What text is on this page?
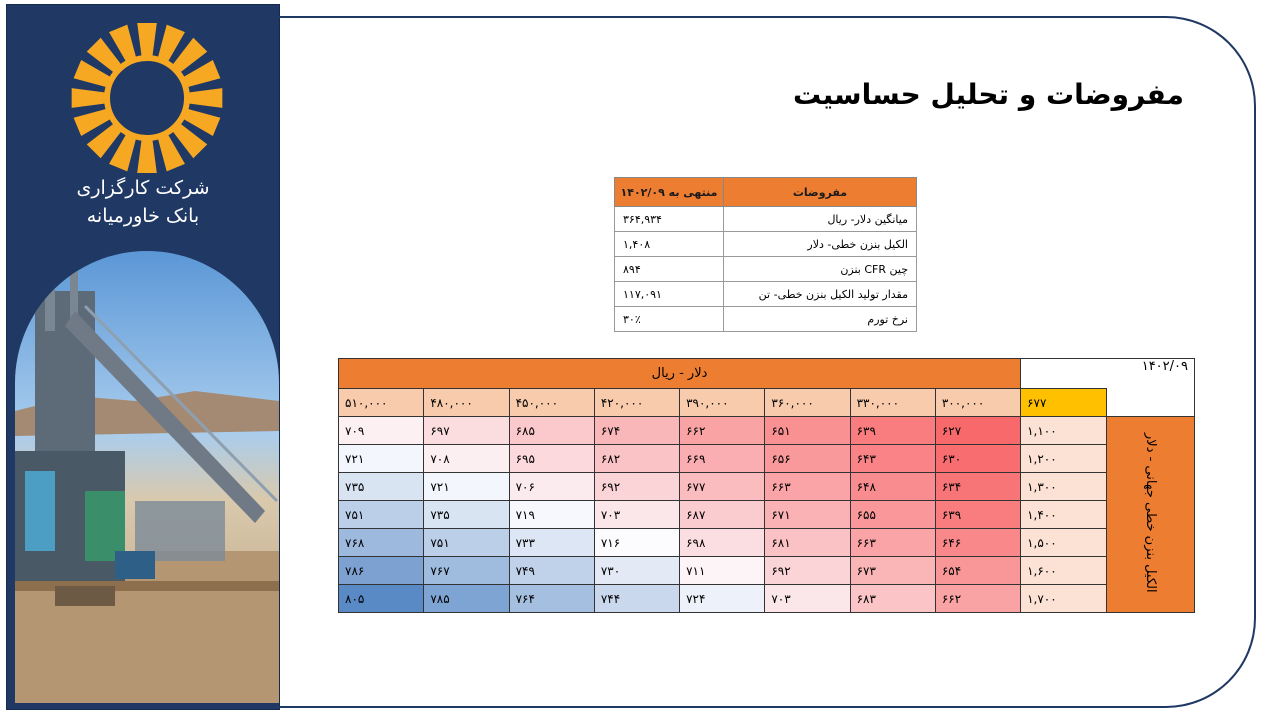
شرکت کارگزاری
بانک خاورمیانه
مفروضات و تحلیل حساسیت
مفروضات	منتهی به ۱۴۰۲/۰۹
میانگین دلار- ریال	۳۶۴,۹۳۴
الکیل بنزن خطی- دلار	۱,۴۰۸
چین CFR بنزن	۸۹۴
مقدار تولید الکیل بنزن خطی- تن	۱۱۷,۰۹۱
نرخ تورم	۳۰٪
۱۴۰۲/۰۹		دلار - ریال							
	۶۷۷	۳۰۰,۰۰۰	۳۳۰,۰۰۰	۳۶۰,۰۰۰	۳۹۰,۰۰۰	۴۲۰,۰۰۰	۴۵۰,۰۰۰	۴۸۰,۰۰۰	۵۱۰,۰۰۰
الکیل بنزن خطی جهانی - دلار	۱,۱۰۰	۶۲۷	۶۳۹	۶۵۱	۶۶۲	۶۷۴	۶۸۵	۶۹۷	۷۰۹
	۱,۲۰۰	۶۳۰	۶۴۳	۶۵۶	۶۶۹	۶۸۲	۶۹۵	۷۰۸	۷۲۱
	۱,۳۰۰	۶۳۴	۶۴۸	۶۶۳	۶۷۷	۶۹۲	۷۰۶	۷۲۱	۷۳۵
	۱,۴۰۰	۶۳۹	۶۵۵	۶۷۱	۶۸۷	۷۰۳	۷۱۹	۷۳۵	۷۵۱
	۱,۵۰۰	۶۴۶	۶۶۳	۶۸۱	۶۹۸	۷۱۶	۷۳۳	۷۵۱	۷۶۸
	۱,۶۰۰	۶۵۴	۶۷۳	۶۹۲	۷۱۱	۷۳۰	۷۴۹	۷۶۷	۷۸۶
	۱,۷۰۰	۶۶۲	۶۸۳	۷۰۳	۷۲۴	۷۴۴	۷۶۴	۷۸۵	۸۰۵
